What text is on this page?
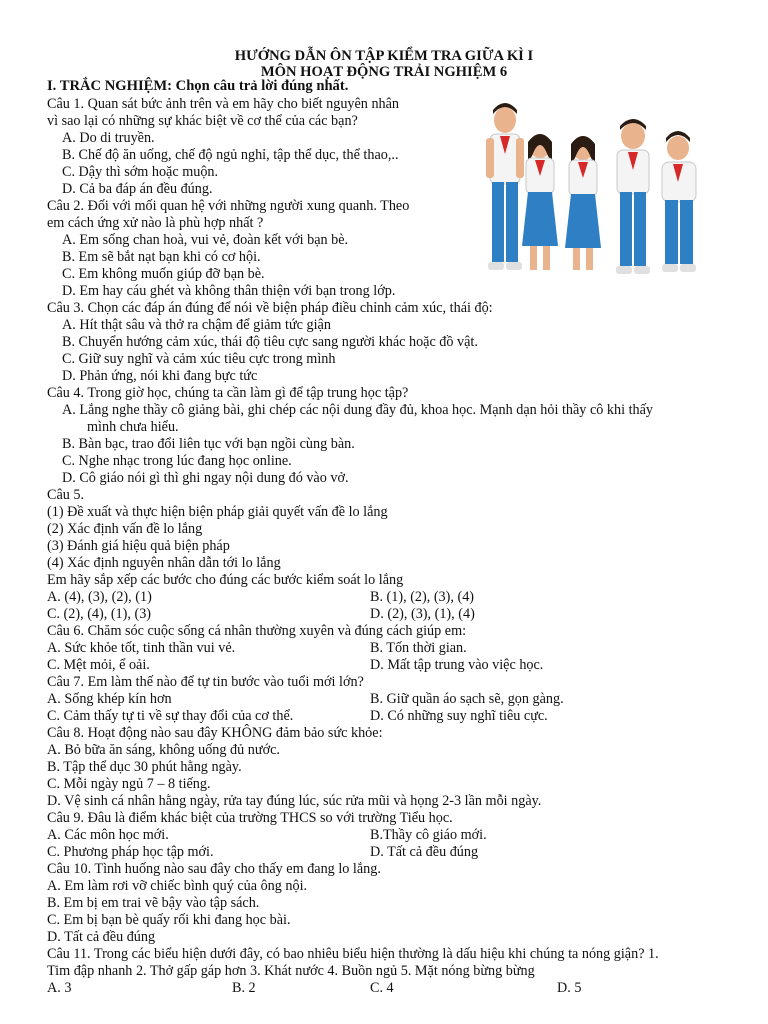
HƯỚNG DẪN ÔN TẬP KIỂM TRA GIỮA KÌ I
MÔN HOẠT ĐỘNG TRẢI NGHIỆM 6
I. TRẮC NGHIỆM: Chọn câu trả lời đúng nhất.
Câu 1. Quan sát bức ảnh trên và em hãy cho biết nguyên nhân
vì sao lại có những sự khác biệt về cơ thể của các bạn?
A. Do di truyền.
B. Chế độ ăn uống, chế độ ngủ nghỉ, tập thể dục, thể thao,..
C. Dậy thì sớm hoặc muộn.
D. Cả ba đáp án đều đúng.
Câu 2. Đối với mối quan hệ với những người xung quanh. Theo
em cách ứng xử nào là phù hợp nhất ?
A. Em sống chan hoà, vui vẻ, đoàn kết với bạn bè.
B. Em sẽ bắt nạt bạn khi có cơ hội.
C. Em không muốn giúp đỡ bạn bè.
D. Em hay cáu ghét và không thân thiện với bạn trong lớp.
Câu 3. Chọn các đáp án đúng để nói về biện pháp điều chỉnh cảm xúc, thái độ:
A. Hít thật sâu và thở ra chậm để giảm tức giận
B. Chuyển hướng cảm xúc, thái độ tiêu cực sang người khác hoặc đồ vật.
C. Giữ suy nghĩ và cảm xúc tiêu cực trong mình
D. Phản ứng, nói khi đang bực tức
Câu 4. Trong giờ học, chúng ta cần làm gì để tập trung học tập?
A. Lắng nghe thầy cô giảng bài, ghi chép các nội dung đầy đủ, khoa học. Mạnh dạn hỏi thầy cô khi thấy
mình chưa hiểu.
B. Bàn bạc, trao đổi liên tục với bạn ngồi cùng bàn.
C. Nghe nhạc trong lúc đang học online.
D. Cô giáo nói gì thì ghi ngay nội dung đó vào vở.
Câu 5.
(1) Đề xuất và thực hiện biện pháp giải quyết vấn đề lo lắng
(2) Xác định vấn đề lo lắng
(3) Đánh giá hiệu quả biện pháp
(4) Xác định nguyên nhân dẫn tới lo lắng
Em hãy sắp xếp các bước cho đúng các bước kiểm soát lo lắng
A. (4), (3), (2), (1)	B. (1), (2), (3), (4)
C. (2), (4), (1), (3)	D. (2), (3), (1), (4)
Câu 6. Chăm sóc cuộc sống cá nhân thường xuyên và đúng cách giúp em:
A. Sức khỏe tốt, tinh thần vui vẻ.	B. Tốn thời gian.
C. Mệt mỏi, ể oải.	D. Mất tập trung vào việc học.
Câu 7. Em làm thế nào để tự tin bước vào tuổi mới lớn?
A. Sống khép kín hơn	B. Giữ quần áo sạch sẽ, gọn gàng.
C. Cảm thấy tự ti về sự thay đổi của cơ thể.	D. Có những suy nghĩ tiêu cực.
Câu 8. Hoạt động nào sau đây KHÔNG đảm bảo sức khỏe:
A. Bỏ bữa ăn sáng, không uống đủ nước.
B. Tập thể dục 30 phút hằng ngày.
C. Mỗi ngày ngủ 7 – 8 tiếng.
D. Vệ sinh cá nhân hằng ngày, rửa tay đúng lúc, súc rửa mũi và họng 2-3 lần mỗi ngày.
Câu 9. Đâu là điểm khác biệt của trường THCS so với trường Tiểu học.
A. Các môn học mới.	B.Thầy cô giáo mới.
C. Phương pháp học tập mới.	D. Tất cả đều đúng
Câu 10. Tình huống nào sau đây cho thấy em đang lo lắng.
A. Em làm rơi vỡ chiếc bình quý của ông nội.
B. Em bị em trai vẽ bậy vào tập sách.
C. Em bị bạn bè quấy rối khi đang học bài.
D. Tất cả đều đúng
Câu 11. Trong các biểu hiện dưới đây, có bao nhiêu biểu hiện thường là dấu hiệu khi chúng ta nóng giận? 1.
Tim đập nhanh 2. Thở gấp gáp hơn 3. Khát nước 4. Buồn ngủ 5. Mặt nóng bừng bừng
A. 3	B. 2	C. 4	D. 5
